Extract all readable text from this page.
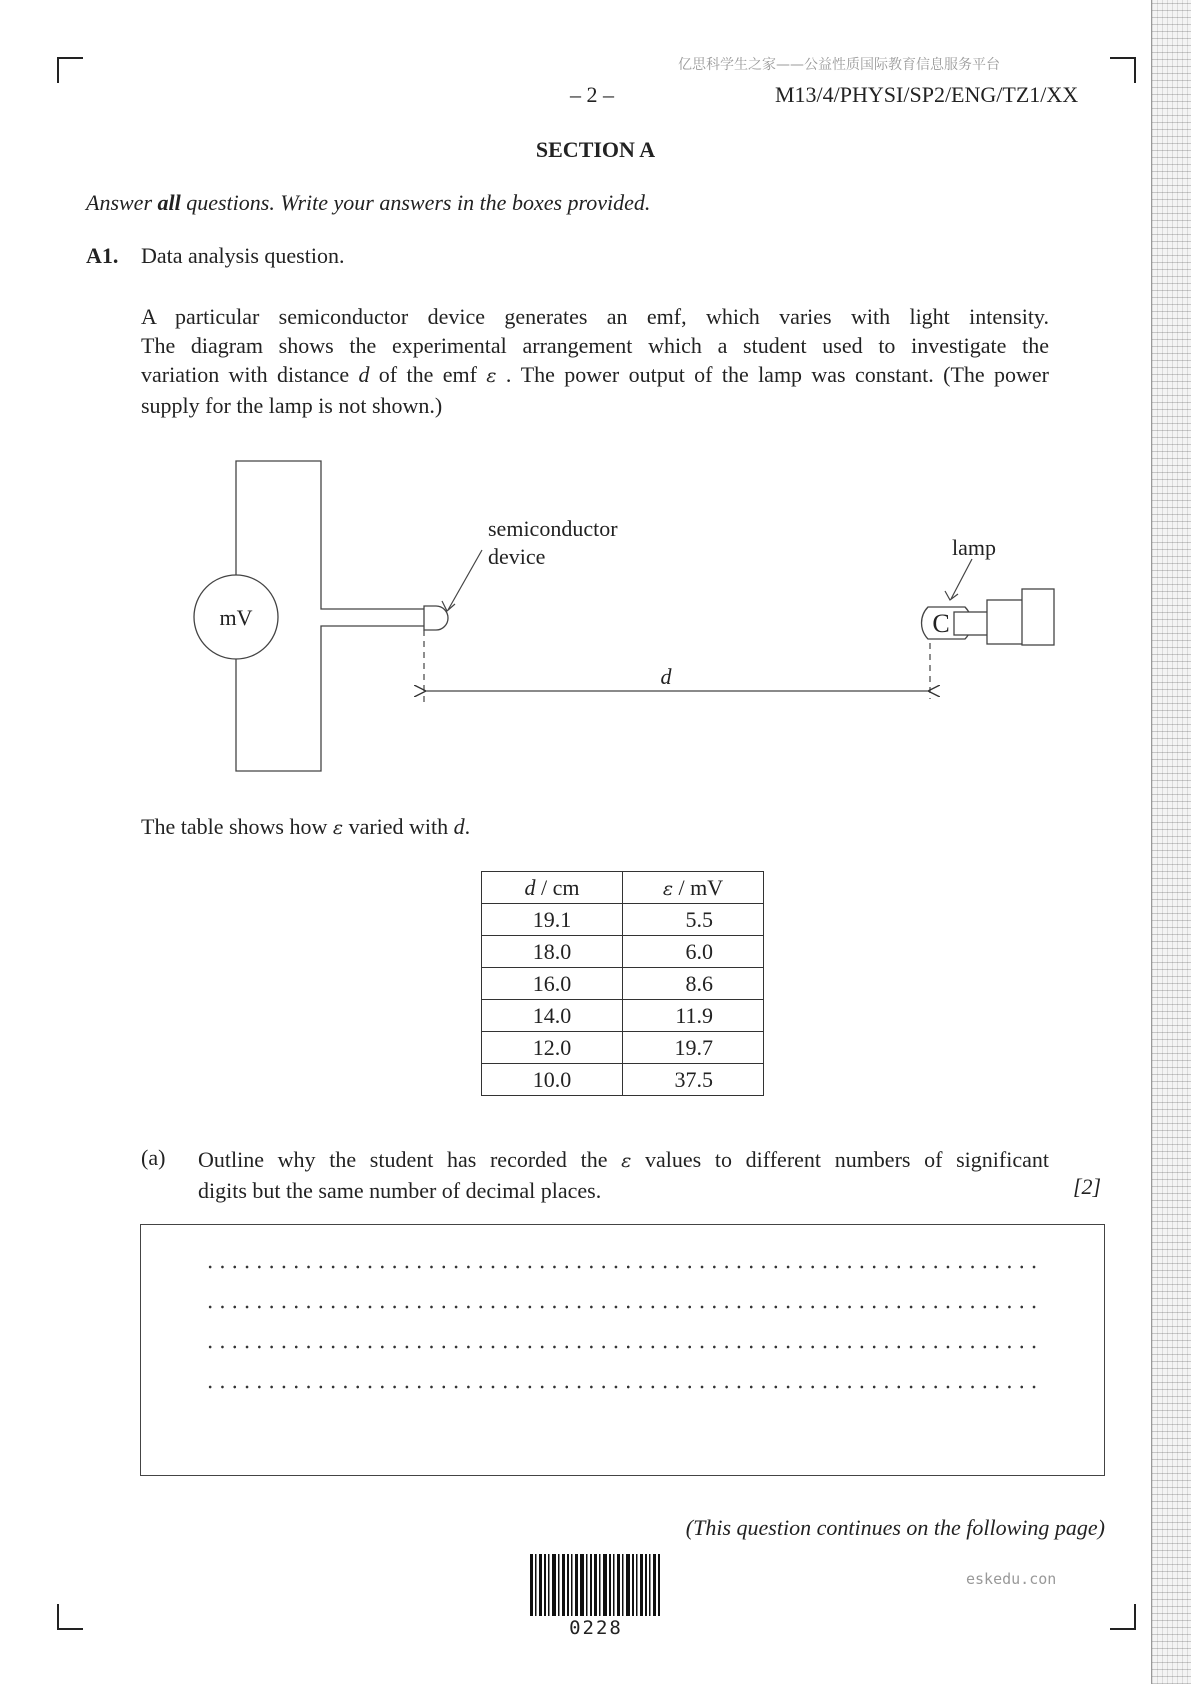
亿思科学生之家——公益性质国际教育信息服务平台
– 2 –	M13/4/PHYSI/SP2/ENG/TZ1/XX
SECTION A
Answer all questions. Write your answers in the boxes provided.
A1. Data analysis question.
A particular semiconductor device generates an emf, which varies with light intensity.
The diagram shows the experimental arrangement which a student used to investigate the
variation with distance d of the emf ε . The power output of the lamp was constant. (The power
supply for the lamp is not shown.)
mV
semiconductor
device
C
lamp
d
The table shows how ε varied with d.
d / cm	ε / mV
19.1	5.5
18.0	6.0
16.0	8.6
14.0	11.9
12.0	19.7
10.0	37.5
(a) Outline why the student has recorded the ε values to different numbers of significant
digits but the same number of decimal places.	[2]
(This question continues on the following page)
0228
eskedu.con
